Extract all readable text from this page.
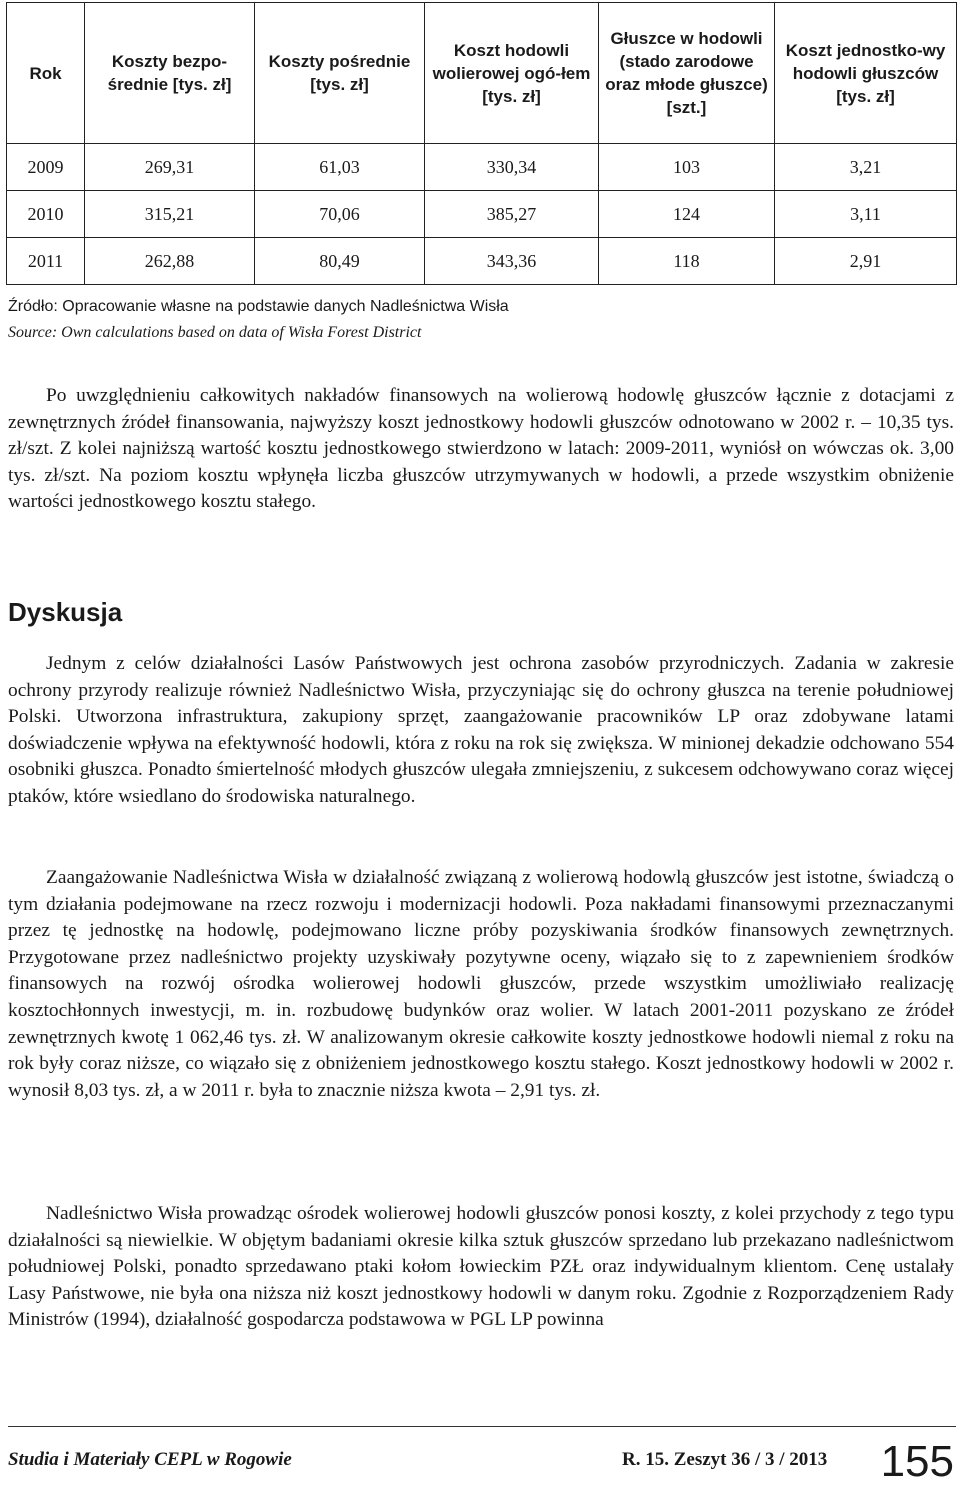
Rok	Koszty bezpo-średnie [tys. zł]	Koszty pośrednie [tys. zł]	Koszt hodowli wolierowej ogó-łem [tys. zł]	Głuszce w hodowli (stado zarodowe oraz młode głuszce) [szt.]	Koszt jednostko-wy hodowli głuszców [tys. zł]
2009	269,31	61,03	330,34	103	3,21
2010	315,21	70,06	385,27	124	3,11
2011	262,88	80,49	343,36	118	2,91
Źródło: Opracowanie własne na podstawie danych Nadleśnictwa Wisła
Source: Own calculations based on data of Wisła Forest District

Po uwzględnieniu całkowitych nakładów finansowych na wolierową hodowlę głuszców łącznie z dotacjami z zewnętrznych źródeł finansowania, najwyższy koszt jednostkowy hodowli głuszców odnotowano w 2002 r. – 10,35 tys. zł/szt. Z kolei najniższą wartość kosztu jednostkowego stwierdzono w latach: 2009-2011, wyniósł on wówczas ok. 3,00 tys. zł/szt. Na poziom kosztu wpłynęła liczba głuszców utrzymywanych w hodowli, a przede wszystkim obniżenie wartości jednostkowego kosztu stałego.

Dyskusja

Jednym z celów działalności Lasów Państwowych jest ochrona zasobów przyrodniczych. Zadania w zakresie ochrony przyrody realizuje również Nadleśnictwo Wisła, przyczyniając się do ochrony głuszca na terenie południowej Polski. Utworzona infrastruktura, zakupiony sprzęt, zaangażowanie pracowników LP oraz zdobywane latami doświadczenie wpływa na efektywność hodowli, która z roku na rok się zwiększa. W minionej dekadzie odchowano 554 osobniki głuszca. Ponadto śmiertelność młodych głuszców ulegała zmniejszeniu, z sukcesem odchowywano coraz więcej ptaków, które wsiedlano do środowiska naturalnego.

Zaangażowanie Nadleśnictwa Wisła w działalność związaną z wolierową hodowlą głuszców jest istotne, świadczą o tym działania podejmowane na rzecz rozwoju i modernizacji hodowli. Poza nakładami finansowymi przeznaczanymi przez tę jednostkę na hodowlę, podejmowano liczne próby pozyskiwania środków finansowych zewnętrznych. Przygotowane przez nadleśnictwo projekty uzyskiwały pozytywne oceny, wiązało się to z zapewnieniem środków finansowych na rozwój ośrodka wolierowej hodowli głuszców, przede wszystkim umożliwiało realizację kosztochłonnych inwestycji, m. in. rozbudowę budynków oraz wolier. W latach 2001-2011 pozyskano ze źródeł zewnętrznych kwotę 1 062,46 tys. zł. W analizowanym okresie całkowite koszty jednostkowe hodowli niemal z roku na rok były coraz niższe, co wiązało się z obniżeniem jednostkowego kosztu stałego. Koszt jednostkowy hodowli w 2002 r. wynosił 8,03 tys. zł, a w 2011 r. była to znacznie niższa kwota – 2,91 tys. zł.

Nadleśnictwo Wisła prowadząc ośrodek wolierowej hodowli głuszców ponosi koszty, z kolei przychody z tego typu działalności są niewielkie. W objętym badaniami okresie kilka sztuk głuszców sprzedano lub przekazano nadleśnictwom południowej Polski, ponadto sprzedawano ptaki kołom łowieckim PZŁ oraz indywidualnym klientom. Cenę ustalały Lasy Państwowe, nie była ona niższa niż koszt jednostkowy hodowli w danym roku. Zgodnie z Rozporządzeniem Rady Ministrów (1994), działalność gospodarcza podstawowa w PGL LP powinna

Studia i Materiały CEPL w Rogowie	R. 15. Zeszyt 36 / 3 / 2013 155
